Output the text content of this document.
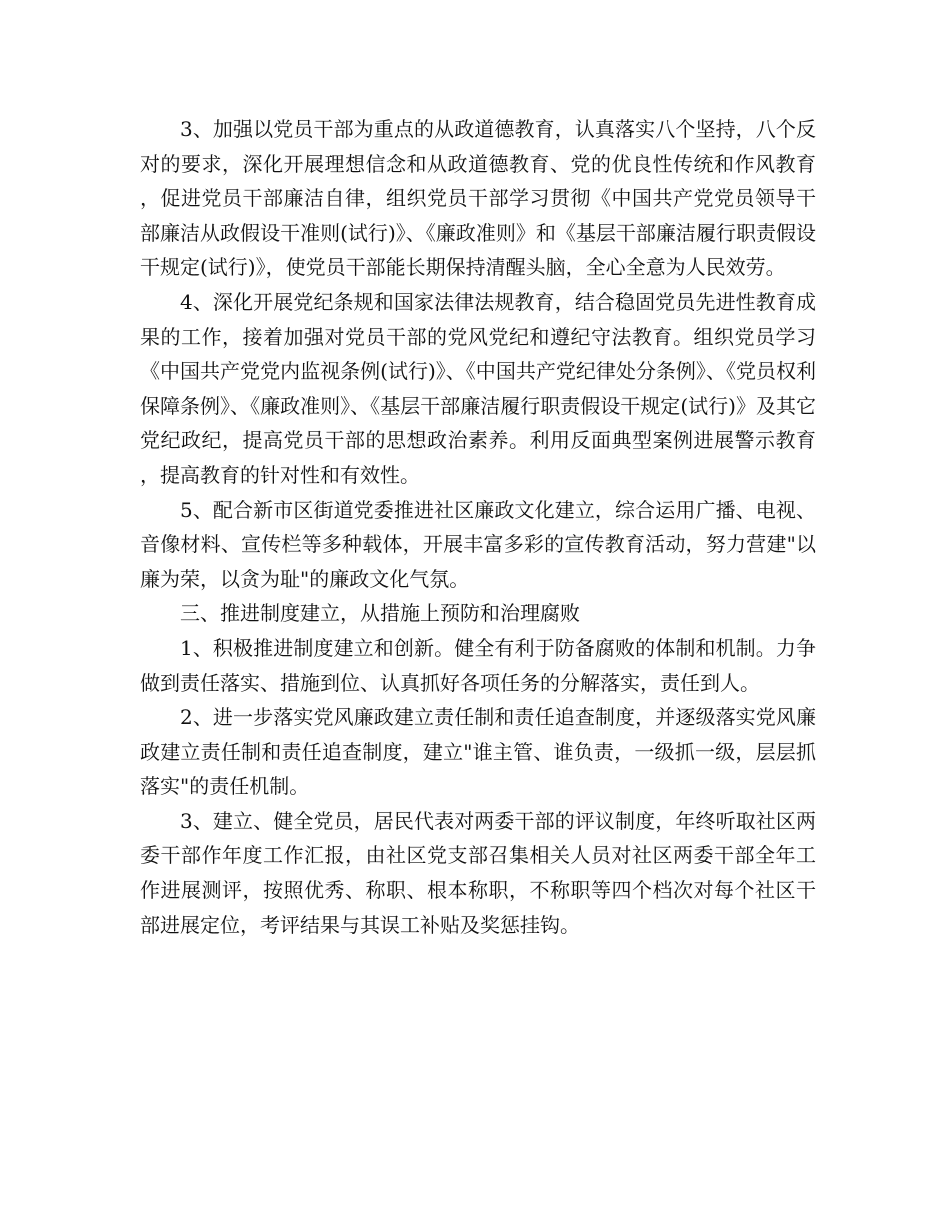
3、加强以党员干部为重点的从政道德教育，认真落实八个坚持，八个反对的要求，深化开展理想信念和从政道德教育、党的优良性传统和作风教育，促进党员干部廉洁自律，组织党员干部学习贯彻《中国共产党党员领导干部廉洁从政假设干准则(试行)》、《廉政准则》和《基层干部廉洁履行职责假设干规定(试行)》，使党员干部能长期保持清醒头脑，全心全意为人民效劳。

4、深化开展党纪条规和国家法律法规教育，结合稳固党员先进性教育成果的工作，接着加强对党员干部的党风党纪和遵纪守法教育。组织党员学习《中国共产党党内监视条例(试行)》、《中国共产党纪律处分条例》、《党员权利保障条例》、《廉政准则》、《基层干部廉洁履行职责假设干规定(试行)》及其它党纪政纪，提高党员干部的思想政治素养。利用反面典型案例进展警示教育，提高教育的针对性和有效性。

5、配合新市区街道党委推进社区廉政文化建立，综合运用广播、电视、音像材料、宣传栏等多种载体，开展丰富多彩的宣传教育活动，努力营建"以廉为荣，以贪为耻"的廉政文化气氛。

三、推进制度建立，从措施上预防和治理腐败

1、积极推进制度建立和创新。健全有利于防备腐败的体制和机制。力争做到责任落实、措施到位、认真抓好各项任务的分解落实，责任到人。

2、进一步落实党风廉政建立责任制和责任追查制度，并逐级落实党风廉政建立责任制和责任追查制度，建立"谁主管、谁负责，一级抓一级，层层抓落实"的责任机制。

3、建立、健全党员，居民代表对两委干部的评议制度，年终听取社区两委干部作年度工作汇报，由社区党支部召集相关人员对社区两委干部全年工作进展测评，按照优秀、称职、根本称职，不称职等四个档次对每个社区干部进展定位，考评结果与其误工补贴及奖惩挂钩。
